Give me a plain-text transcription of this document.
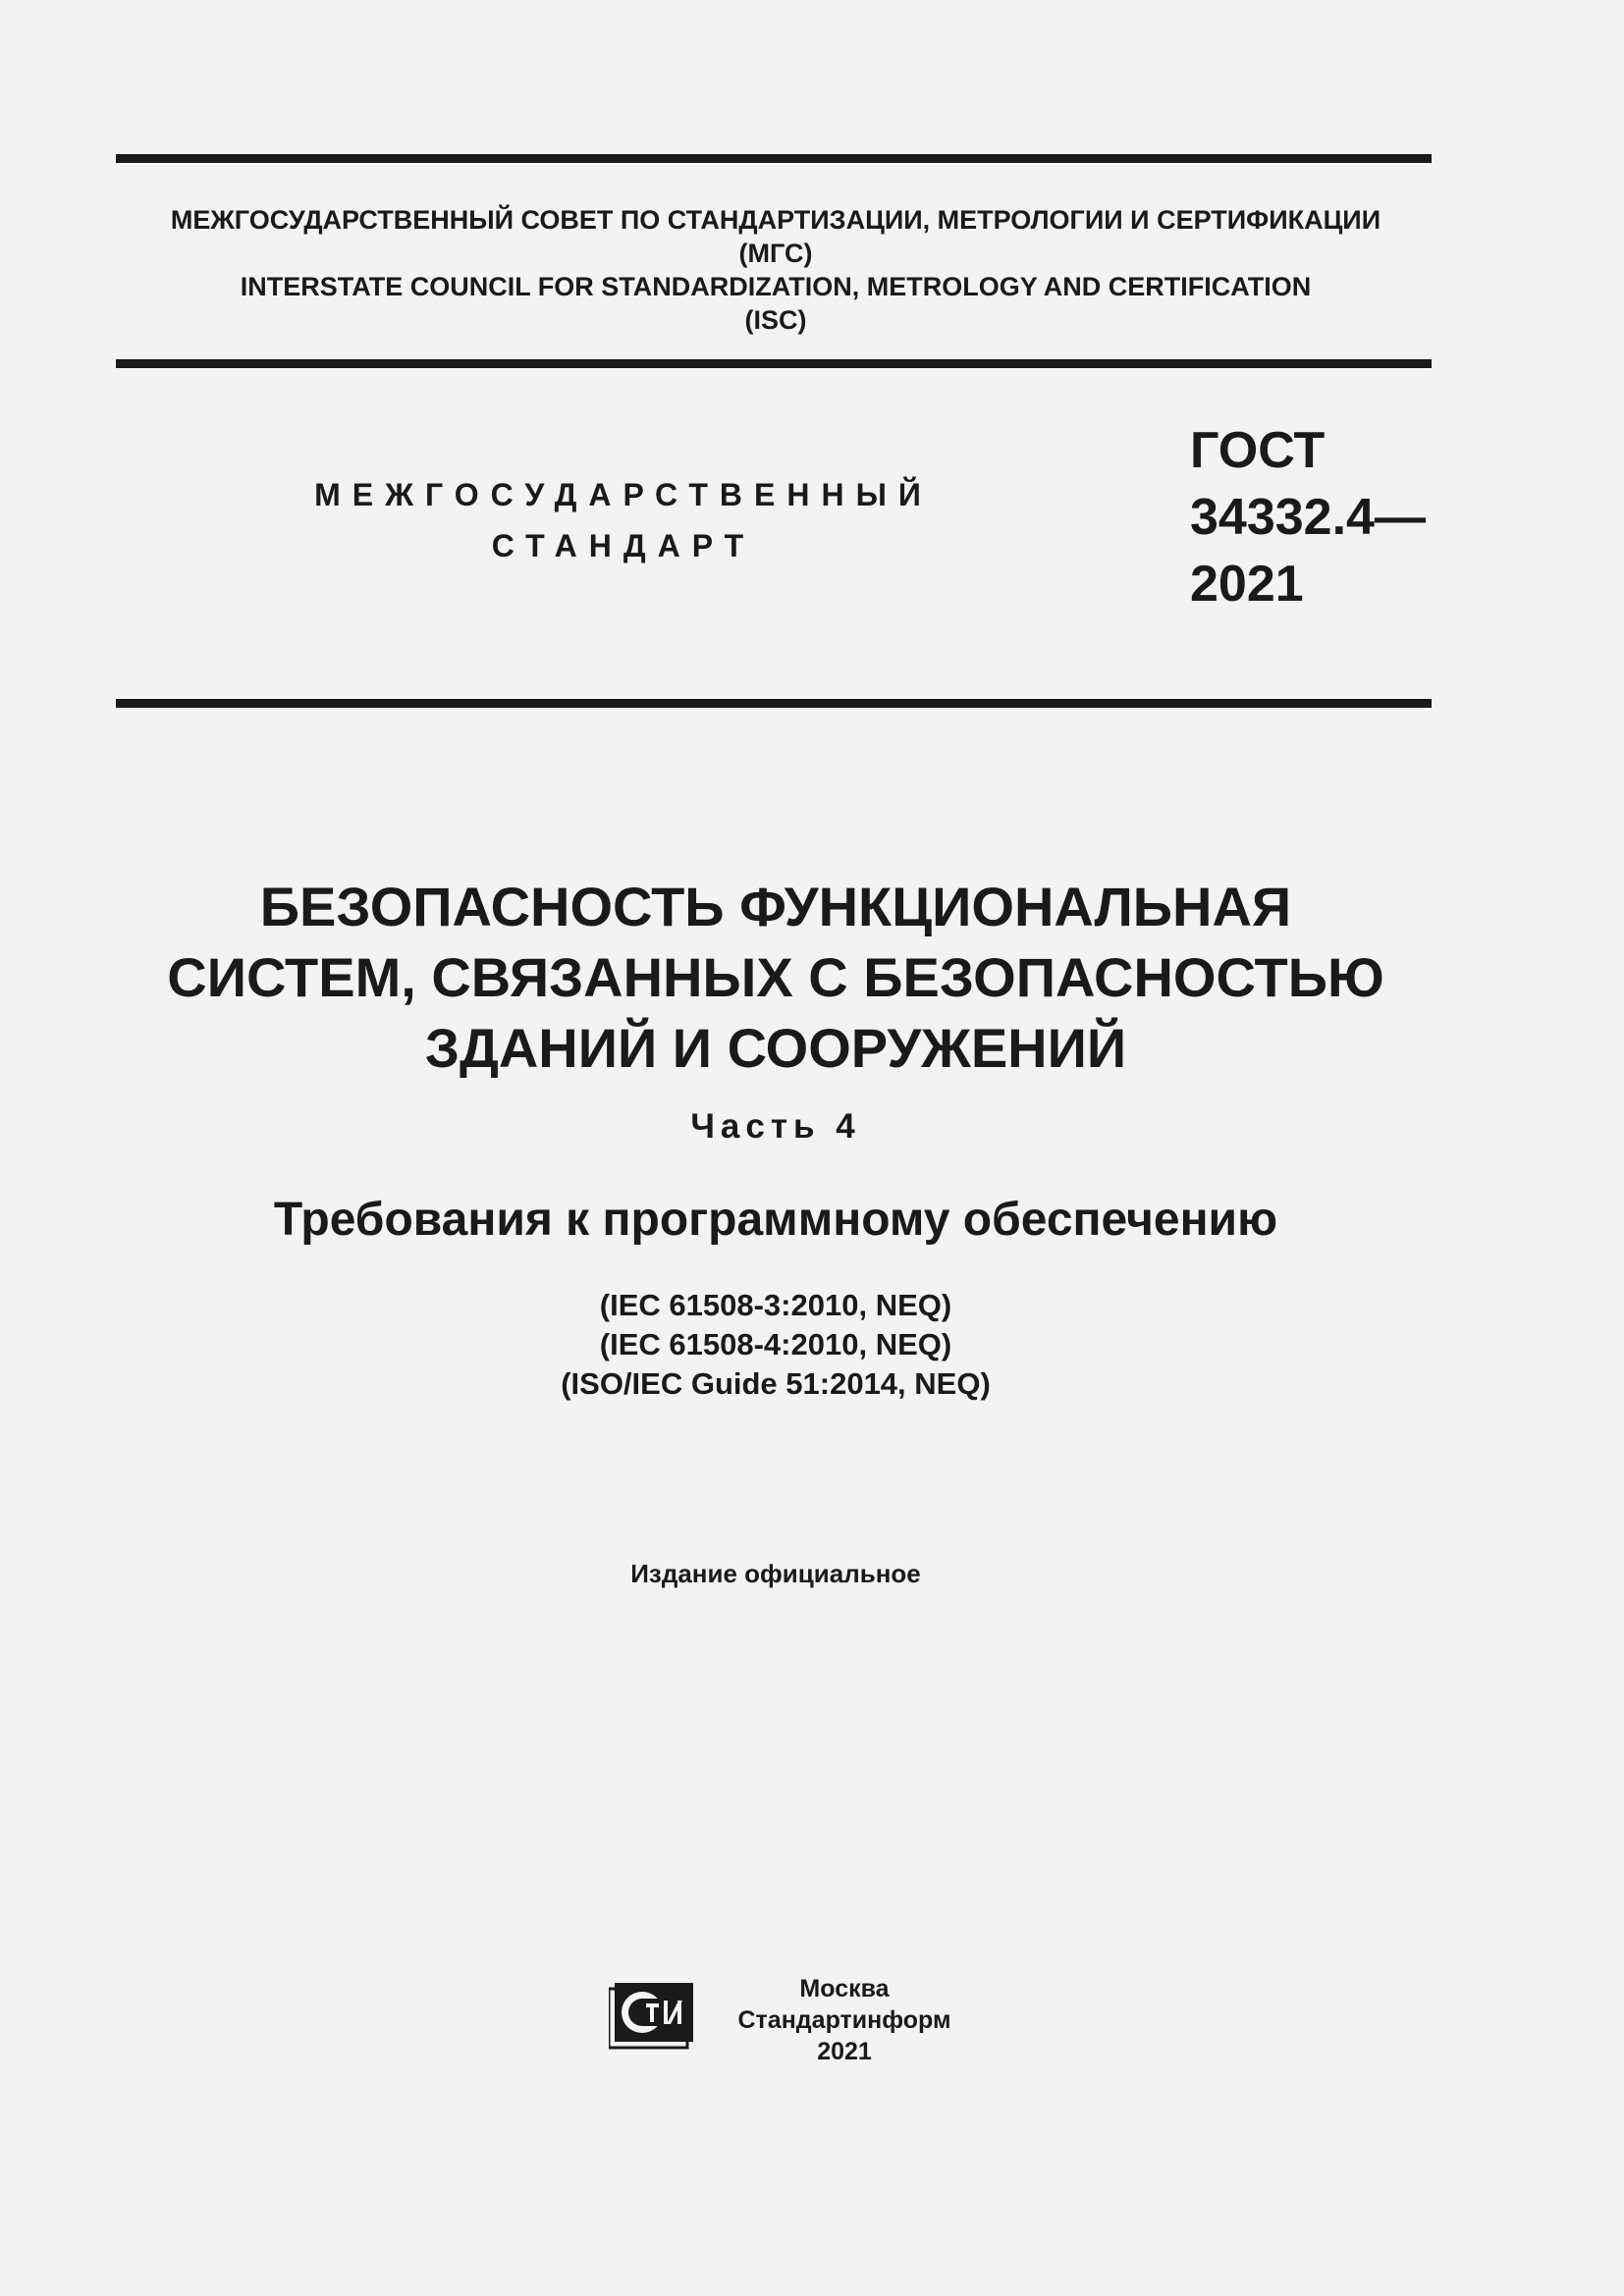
МЕЖГОСУДАРСТВЕННЫЙ СОВЕТ ПО СТАНДАРТИЗАЦИИ, МЕТРОЛОГИИ И СЕРТИФИКАЦИИ
(МГС)
INTERSTATE COUNCIL FOR STANDARDIZATION, METROLOGY AND CERTIFICATION
(ISC)
МЕЖГОСУДАРСТВЕННЫЙ
СТАНДАРТ
ГОСТ
34332.4—
2021
БЕЗОПАСНОСТЬ ФУНКЦИОНАЛЬНАЯ
СИСТЕМ, СВЯЗАННЫХ С БЕЗОПАСНОСТЬЮ
ЗДАНИЙ И СООРУЖЕНИЙ
Часть 4
Требования к программному обеспечению
(IEC 61508-3:2010, NEQ)
(IEC 61508-4:2010, NEQ)
(ISO/IEC Guide 51:2014, NEQ)
Издание официальное
Москва
Стандартинформ
2021
